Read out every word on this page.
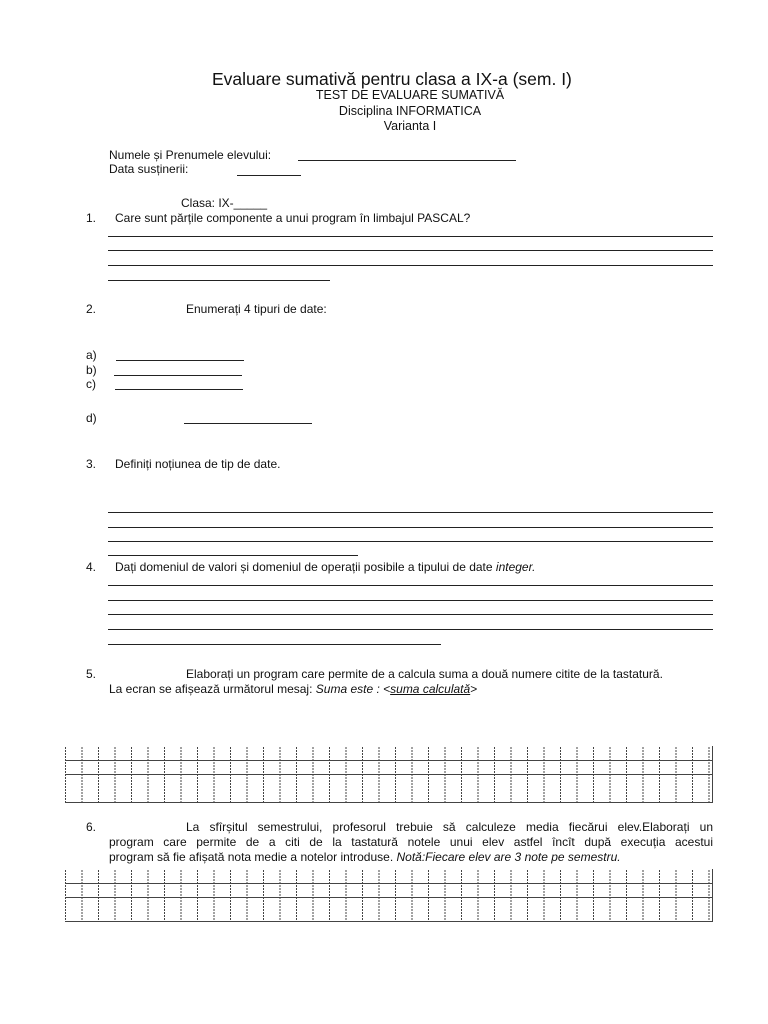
Evaluare sumativă pentru clasa a IX-a (sem. I)
TEST DE EVALUARE SUMATIVĂ
Disciplina INFORMATICA
Varianta I
Numele și Prenumele elevului:
Data susținerii:
Clasa: IX-_____
1. Care sunt părțile componente a unui program în limbajul PASCAL?
2.	Enumerați 4 tipuri de date:
a)
b)
c)
d)
3. Definiți noțiunea de tip de date.
4. Dați domeniul de valori și domeniul de operații posibile a tipului de date integer.
5.	Elaborați un program care permite de a calcula suma a două numere citite de la tastatură.
La ecran se afișează următorul mesaj: Suma este : <suma calculată>
6.	La sfîrșitul semestrului, profesorul trebuie să calculeze media fiecărui elev.Elaborați un
program care permite de a citi de la tastatură notele unui elev astfel încît după execuția acestui
program să fie afișată nota medie a notelor introduse. Notă:Fiecare elev are 3 note pe semestru.
